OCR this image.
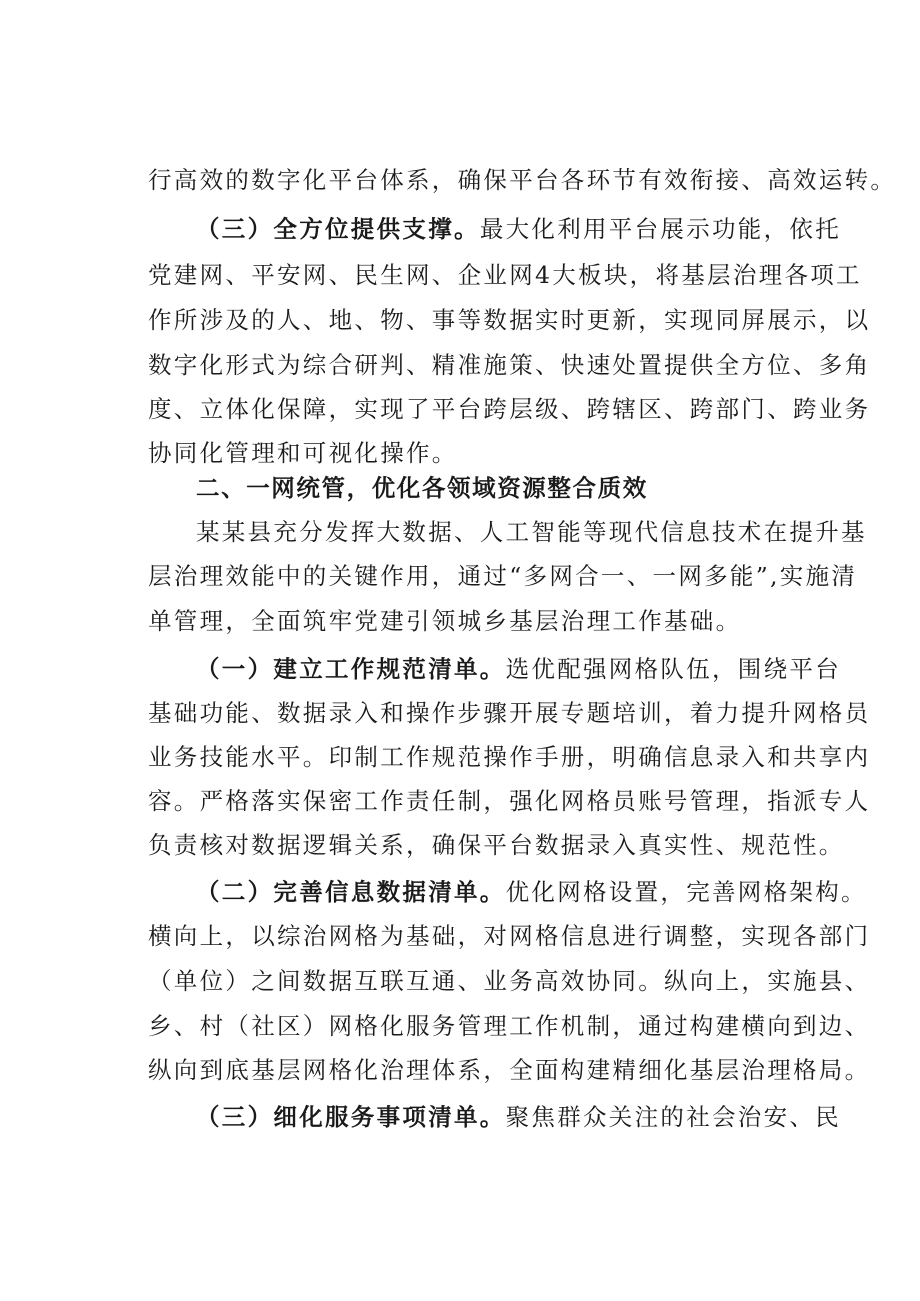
行高效的数字化平台体系，确保平台各环节有效衔接、高效运转。
（三）全方位提供支撑。最大化利用平台展示功能，依托
党建网、平安网、民生网、企业网4大板块，将基层治理各项工
作所涉及的人、地、物、事等数据实时更新，实现同屏展示，以
数字化形式为综合研判、精准施策、快速处置提供全方位、多角
度、立体化保障，实现了平台跨层级、跨辖区、跨部门、跨业务
协同化管理和可视化操作。
二、一网统管，优化各领域资源整合质效
某某县充分发挥大数据、人工智能等现代信息技术在提升基
层治理效能中的关键作用，通过“多网合一、一网多能”,实施清
单管理，全面筑牢党建引领城乡基层治理工作基础。
（一）建立工作规范清单。选优配强网格队伍，围绕平台
基础功能、数据录入和操作步骤开展专题培训，着力提升网格员
业务技能水平。印制工作规范操作手册，明确信息录入和共享内
容。严格落实保密工作责任制，强化网格员账号管理，指派专人
负责核对数据逻辑关系，确保平台数据录入真实性、规范性。
（二）完善信息数据清单。优化网格设置，完善网格架构。
横向上，以综治网格为基础，对网格信息进行调整，实现各部门
（单位）之间数据互联互通、业务高效协同。纵向上，实施县、
乡、村（社区）网格化服务管理工作机制，通过构建横向到边、
纵向到底基层网格化治理体系，全面构建精细化基层治理格局。
（三）细化服务事项清单。聚焦群众关注的社会治安、民
